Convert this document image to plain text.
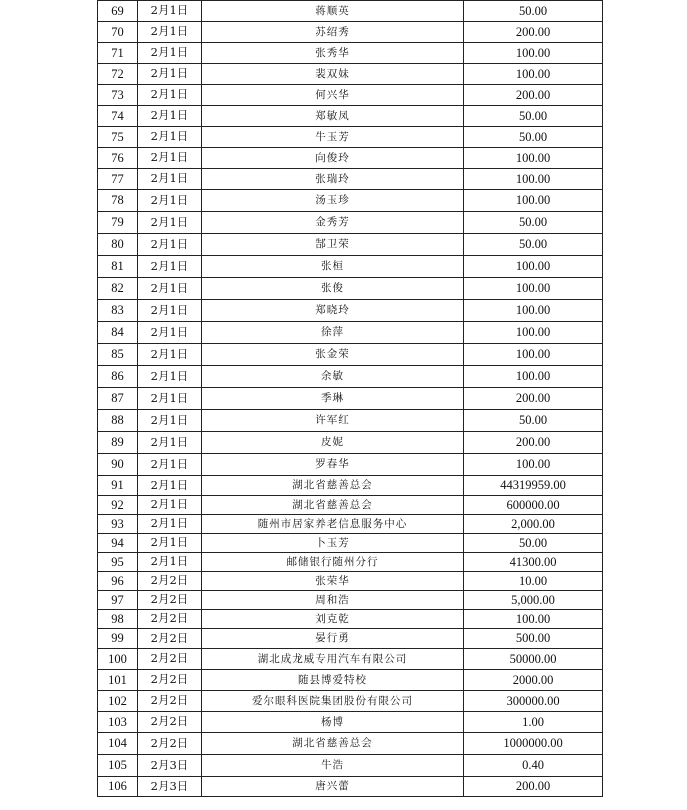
69	2月1日	蒋顺英	50.00
70	2月1日	苏绍秀	200.00
71	2月1日	张秀华	100.00
72	2月1日	裴双妹	100.00
73	2月1日	何兴华	200.00
74	2月1日	郑敏凤	50.00
75	2月1日	牛玉芳	50.00
76	2月1日	向俊玲	100.00
77	2月1日	张瑞玲	100.00
78	2月1日	汤玉珍	100.00
79	2月1日	金秀芳	50.00
80	2月1日	郜卫荣	50.00
81	2月1日	张桓	100.00
82	2月1日	张俊	100.00
83	2月1日	郑晓玲	100.00
84	2月1日	徐萍	100.00
85	2月1日	张金荣	100.00
86	2月1日	余敏	100.00
87	2月1日	季琳	200.00
88	2月1日	许军红	50.00
89	2月1日	皮妮	200.00
90	2月1日	罗春华	100.00
91	2月1日	湖北省慈善总会	44319959.00
92	2月1日	湖北省慈善总会	600000.00
93	2月1日	随州市居家养老信息服务中心	2,000.00
94	2月1日	卜玉芳	50.00
95	2月1日	邮储银行随州分行	41300.00
96	2月2日	张荣华	10.00
97	2月2日	周和浩	5,000.00
98	2月2日	刘克乾	100.00
99	2月2日	晏行勇	500.00
100	2月2日	湖北成龙威专用汽车有限公司	50000.00
101	2月2日	随县博爱特校	2000.00
102	2月2日	爱尔眼科医院集团股份有限公司	300000.00
103	2月2日	杨博	1.00
104	2月2日	湖北省慈善总会	1000000.00
105	2月3日	牛浩	0.40
106	2月3日	唐兴蕾	200.00
